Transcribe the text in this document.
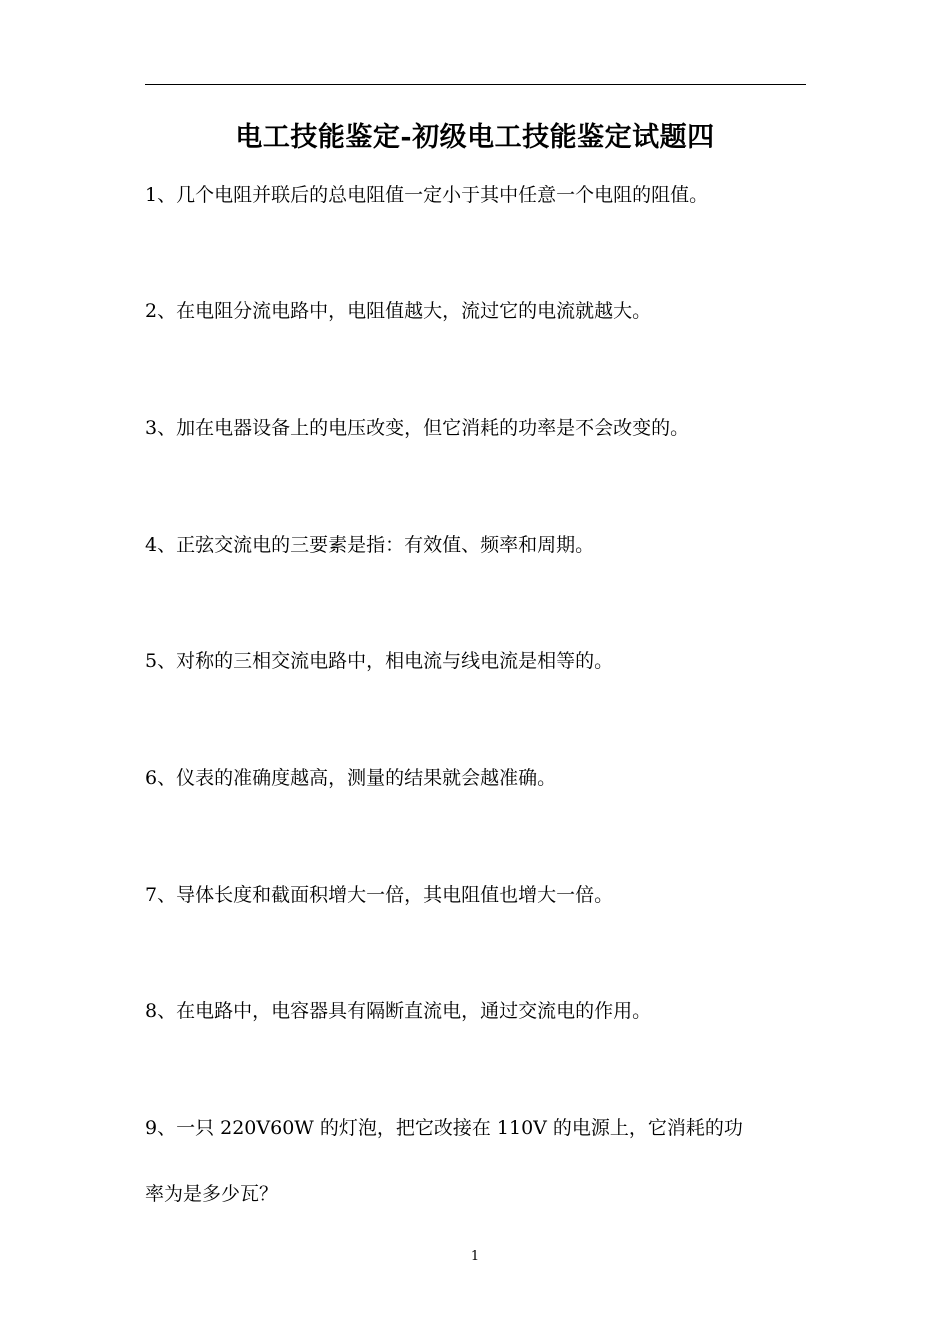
电工技能鉴定-初级电工技能鉴定试题四
1、几个电阻并联后的总电阻值一定小于其中任意一个电阻的阻值。
2、在电阻分流电路中，电阻值越大，流过它的电流就越大。
3、加在电器设备上的电压改变，但它消耗的功率是不会改变的。
4、正弦交流电的三要素是指：有效值、频率和周期。
5、对称的三相交流电路中，相电流与线电流是相等的。
6、仪表的准确度越高，测量的结果就会越准确。
7、导体长度和截面积增大一倍，其电阻值也增大一倍。
8、在电路中，电容器具有隔断直流电，通过交流电的作用。
9、一只 220V60W 的灯泡，把它改接在 110V 的电源上，它消耗的功
率为是多少瓦？
1
